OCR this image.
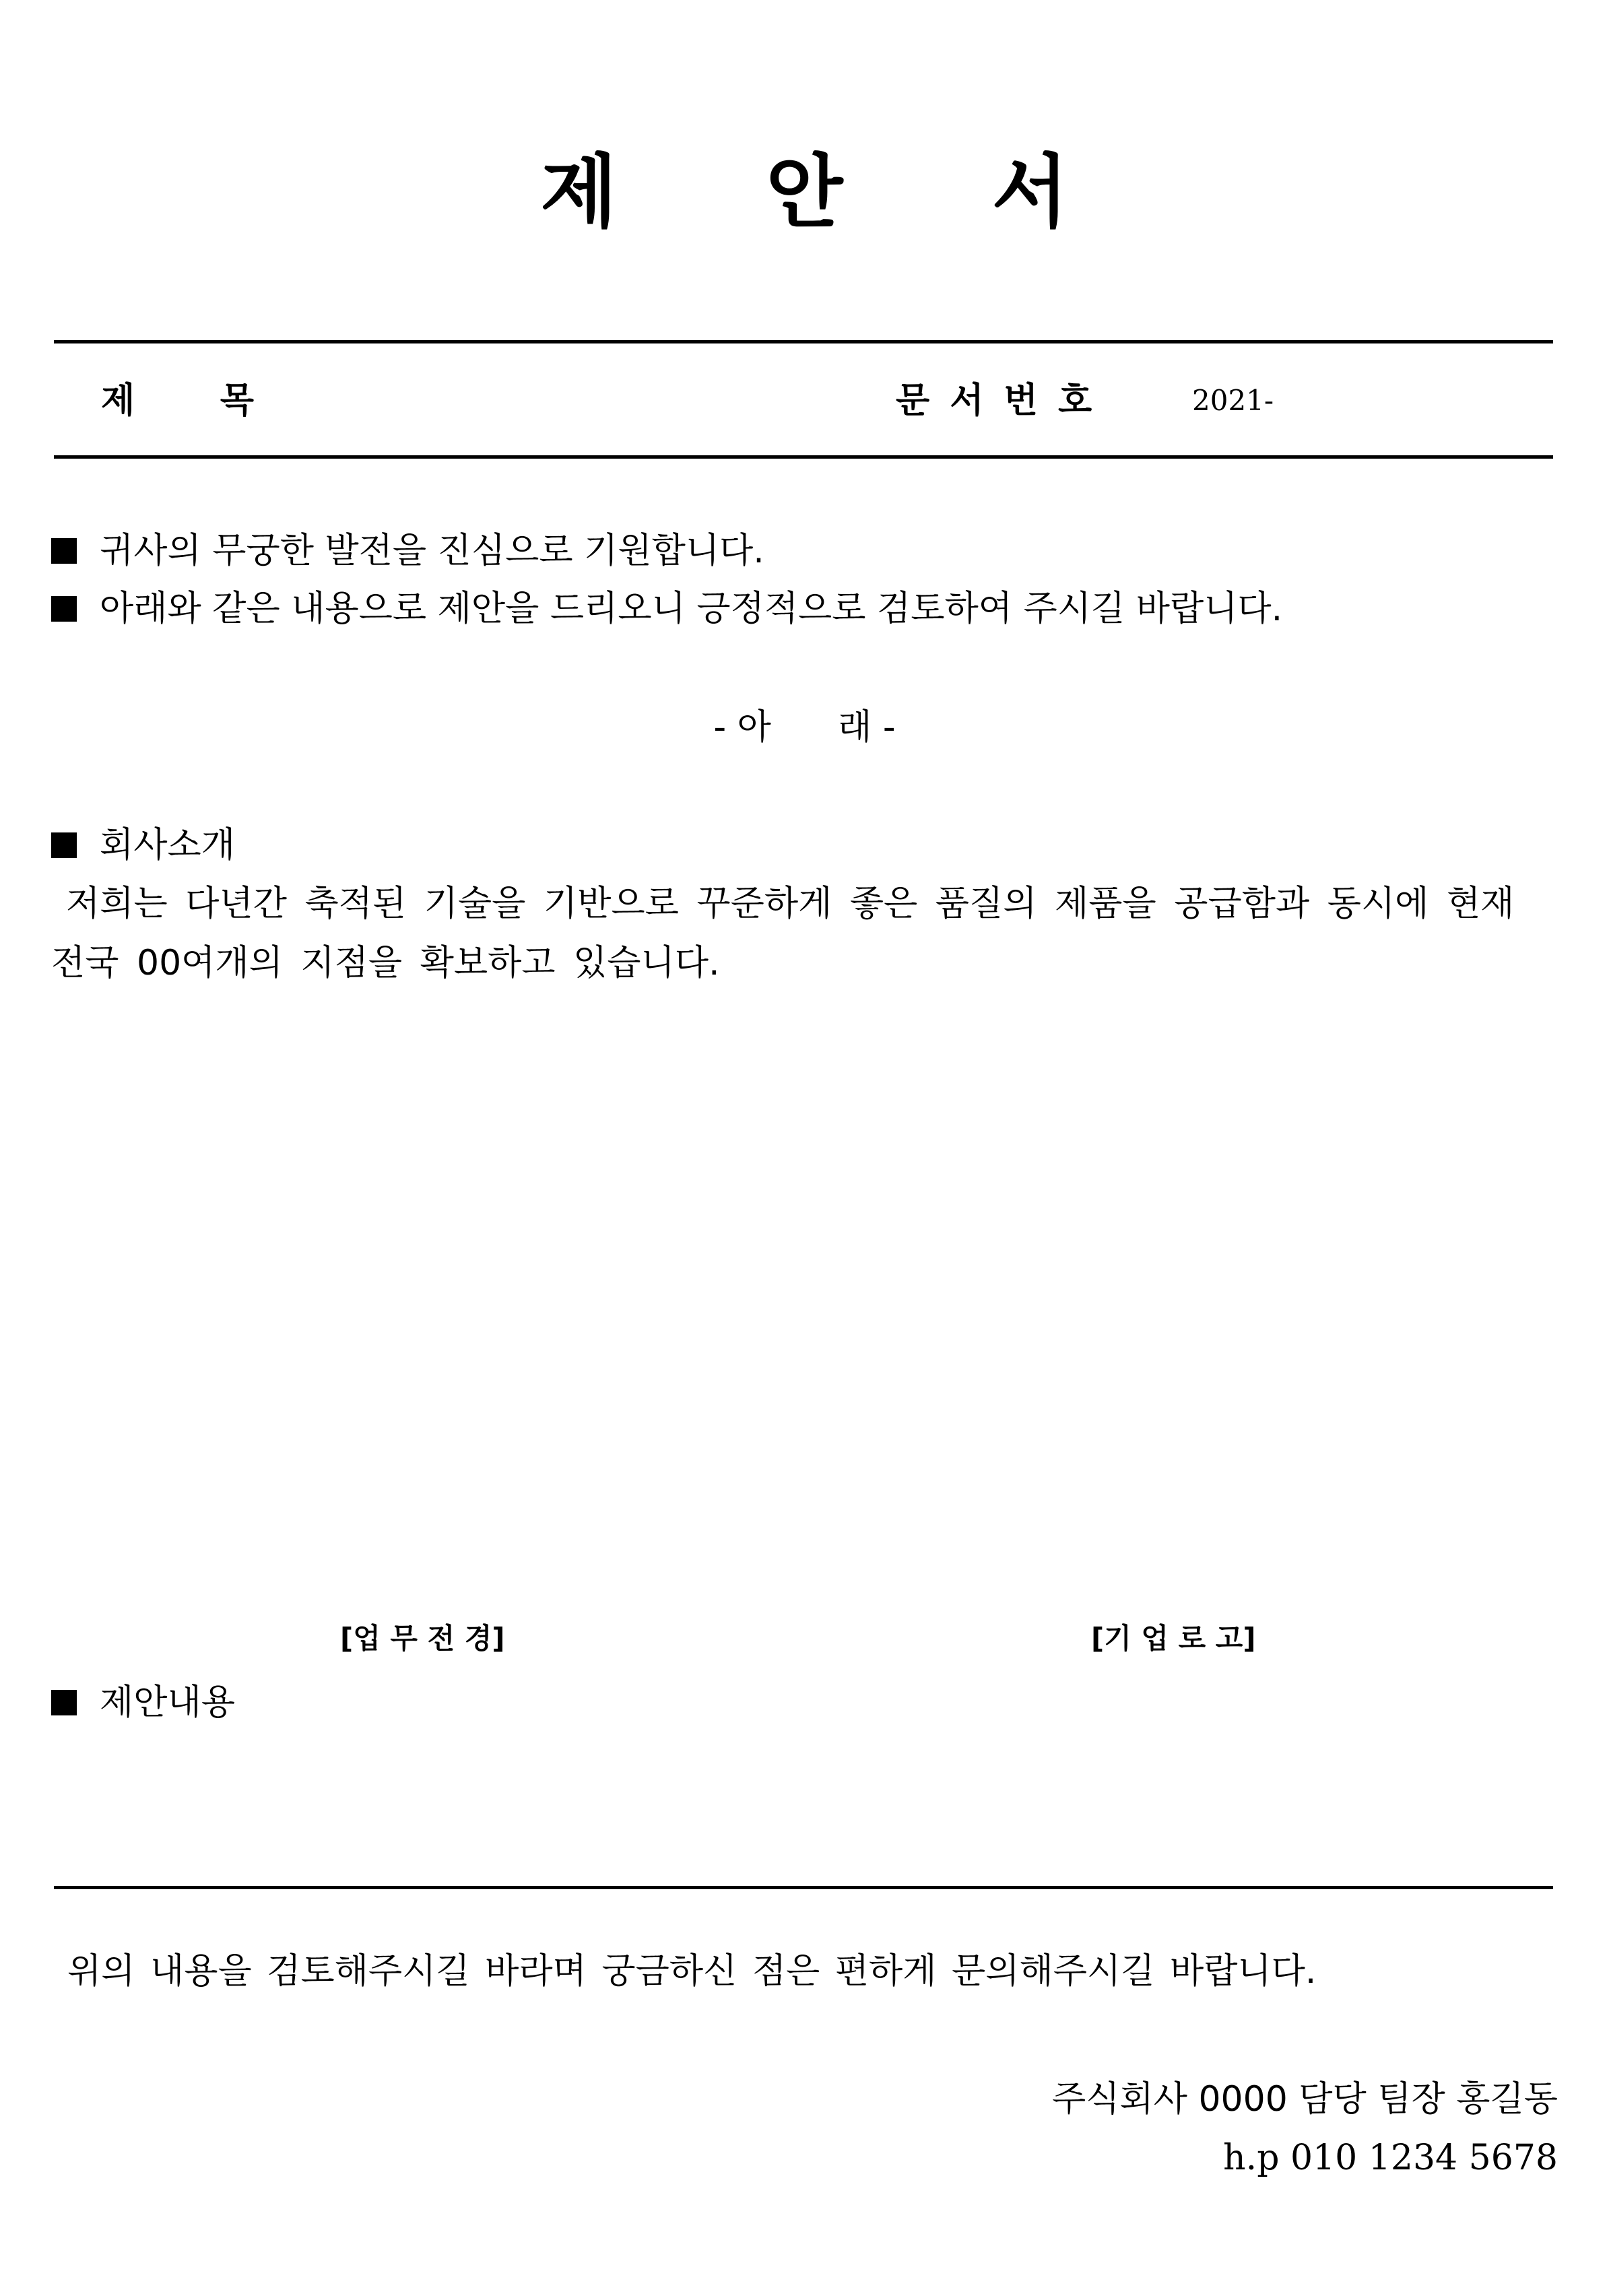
제 안 서
제     목	문 서 번 호	2021-
귀사의 무궁한 발전을 진심으로 기원합니다.
아래와 같은 내용으로 제안을 드리오니 긍정적으로 검토하여 주시길 바랍니다.
- 아      래 -
회사소개

저희는 다년간 축적된 기술을 기반으로 꾸준하게 좋은 품질의 제품을 공급함과 동시에 현재 전국 00여개의 지점을 확보하고 있습니다.

[업 무 전 경]	[기 업 로 고]
제안내용
위의 내용을 검토해주시길 바라며 궁금하신 점은 편하게 문의해주시길 바랍니다.
주식회사 0000 담당 팀장 홍길동
h.p 010 1234 5678
